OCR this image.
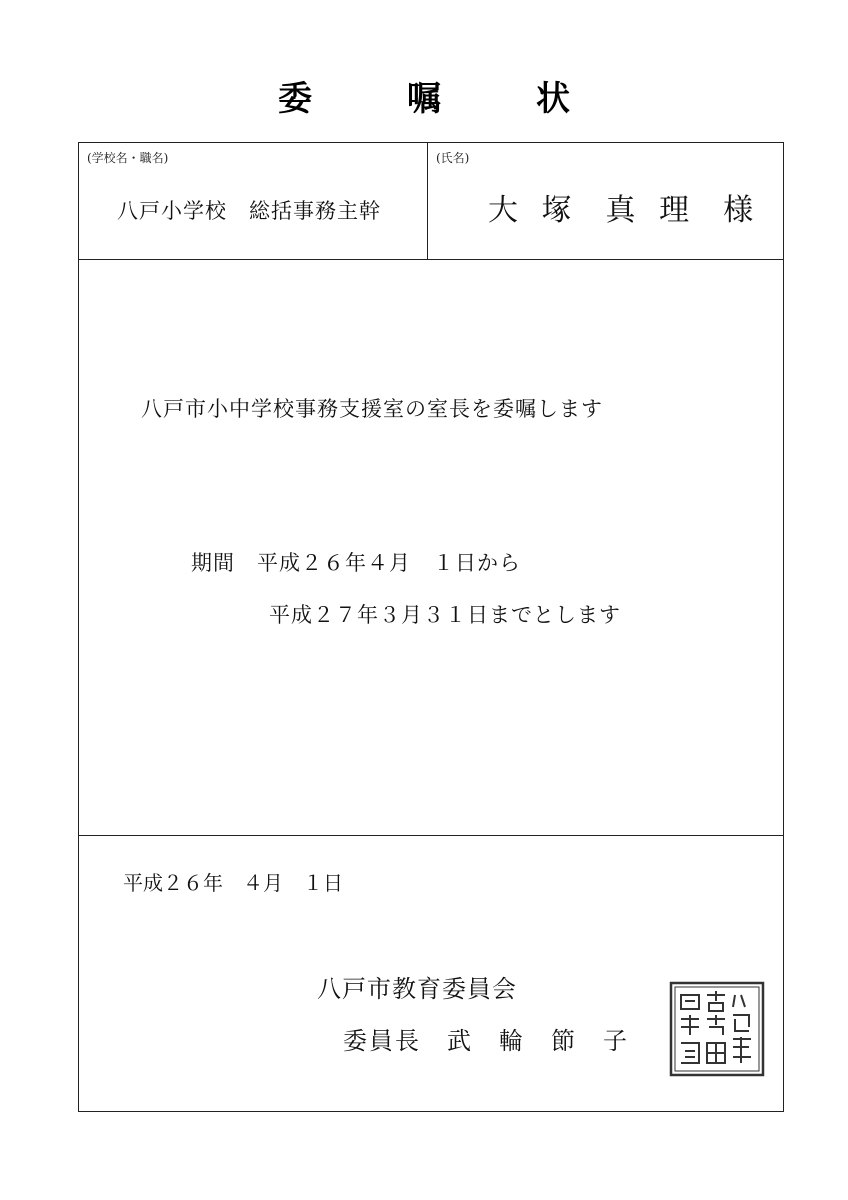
委	嘱	状
(学校名・職名)
八戸小学校　総括事務主幹
(氏名)
大 塚　真 理　様
八戸市小中学校事務支援室の室長を委嘱します
期間　平成２６年４月　１日から
平成２７年３月３１日までとします
平成２６年　４月　１日
八戸市教育委員会
委員長　武　輪　節　子
